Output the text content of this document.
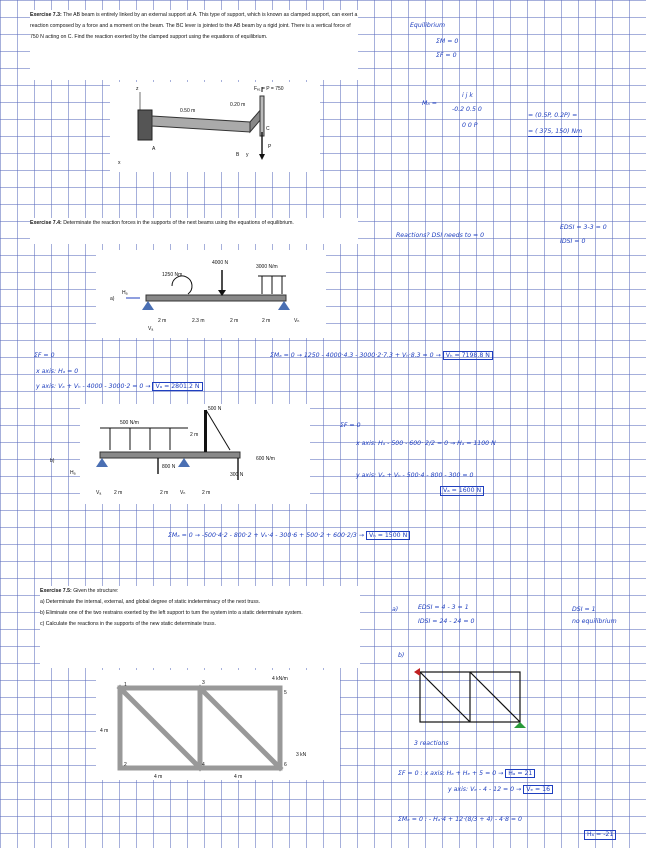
Exercise 7.3: The AB beam is entirely linked by an external support at A. This type of support, which is known as clamped support, can exert a reaction composed by a force and a moment on the beam. The BC lever is jointed to the AB beam by a rigid joint. There is a vertical force of 750 N acting on C. Find the reaction exerted by the clamped support using the equations of equilibrium.
Fₑ₁ = P = 750
0.50 m
0.20 m
z
x
y
A
B
C
P
Equilibrium
ΣM = 0
ΣF = 0
Mₐ =
i j k
-0.2 0.5 0
0 0 P
= (0.5P, 0.2P) =
= ( 375, 150) Nm
Exercise 7.4: Determinate the reaction forces in the supports of the next beams using the equations of equilibrium.
4000 N
3000 N/m
1250 Nm
a)
Hₐ
Vₐ
Vₕ
2 m	2.3 m	2 m	2 m
Reactions? DSI needs to = 0
EDSI = 3-3 = 0
IDSI = 0
ΣF = 0
x axis: Hₐ = 0
y axis: Vₐ + Vₕ - 4000 - 3000·2 = 0 → Vₐ = 2801.2 N
ΣMₐ = 0 → 1250 - 4000·4.3 - 3000·2·7.3 + Vₕ·8.3 = 0 → Vₕ = 7198.8 N
500 N/m
500 N
2 m
800 N
300 N
600 N/m
b)
Hₐ
Vₐ	Vₕ
2 m	2 m	2 m
ΣF = 0
x axis: Hₐ - 500 - 600· 2/2 = 0 → Hₐ = 1100 N
y axis: Vₐ + Vₕ - 500·4 - 800 - 300 = 0
Vₐ = 1600 N
ΣMₐ = 0 → -500·4·2 - 800·2 + Vₕ·4 - 300·6 + 500·2 + 600·2/3 → Vₕ = 1500 N
Exercise 7.5: Given the structure:
a) Determinate the internal, external, and global degree of static indeterminacy of the next truss.
b) Eliminate one of the two restrains exerted by the left support to turn the system into a static determinate system.
c) Calculate the reactions in the supports of the new static determinate truss.
4 kN/m
4 m
4 m	4 m
3 kN
1
2
3
4
5
6
a)	EDSI = 4 - 3 = 1
IDSI = 24 - 24 = 0
DSI = 1
no equilibrium
b)
3 reactions
ΣF = 0 : x axis: Hₐ + Hₑ + 5 = 0 → Hₐ = 21
y axis: Vₑ - 4 - 12 = 0 → Vₑ = 16
ΣMₑ = 0 : - Hₐ·4 + 12·(8/3 + 4) - 4·8 = 0
Hₐ = -21
